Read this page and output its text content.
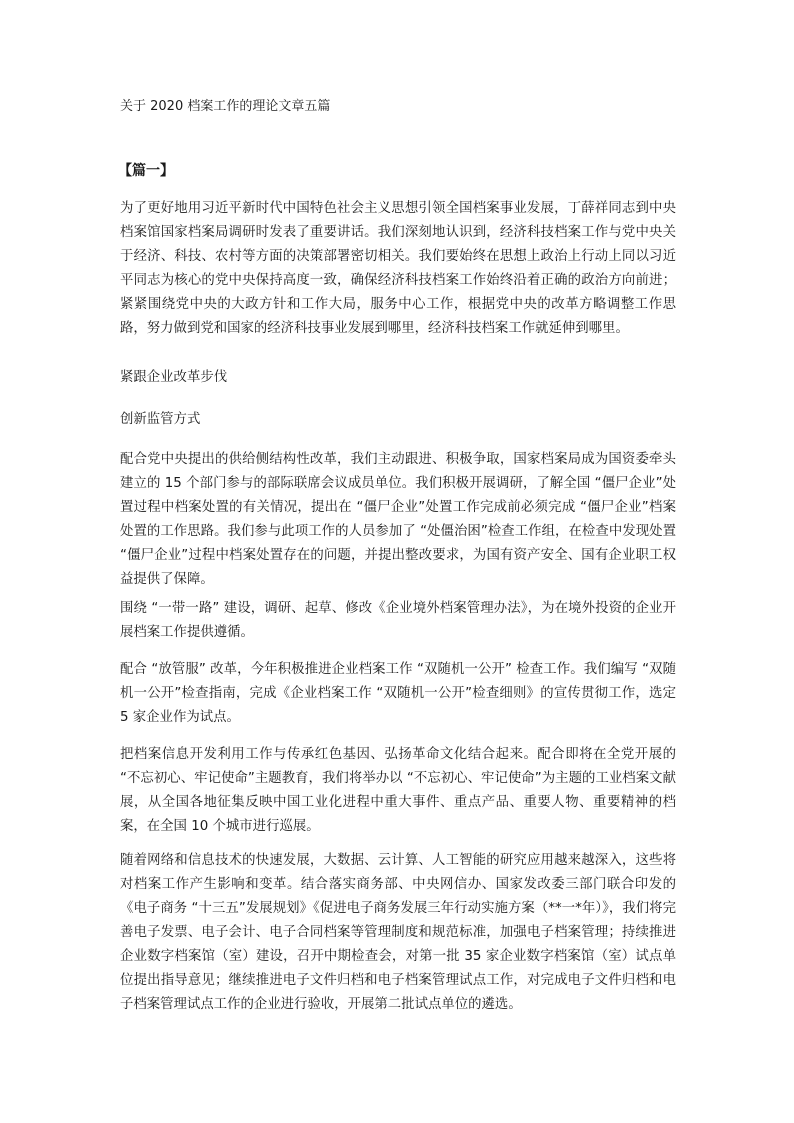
关于 2020 档案工作的理论文章五篇
【篇一】

为了更好地用习近平新时代中国特色社会主义思想引领全国档案事业发展，丁薛祥同志到中央档案馆国家档案局调研时发表了重要讲话。我们深刻地认识到，经济科技档案工作与党中央关于经济、科技、农村等方面的决策部署密切相关。我们要始终在思想上政治上行动上同以习近平同志为核心的党中央保持高度一致，确保经济科技档案工作始终沿着正确的政治方向前进；紧紧围绕党中央的大政方针和工作大局，服务中心工作，根据党中央的改革方略调整工作思路，努力做到党和国家的经济科技事业发展到哪里，经济科技档案工作就延伸到哪里。

紧跟企业改革步伐
创新监管方式

配合党中央提出的供给侧结构性改革，我们主动跟进、积极争取，国家档案局成为国资委牵头建立的 15 个部门参与的部际联席会议成员单位。我们积极开展调研，了解全国 “僵尸企业”处置过程中档案处置的有关情况，提出在 “僵尸企业”处置工作完成前必须完成 “僵尸企业”档案处置的工作思路。我们参与此项工作的人员参加了 “处僵治困”检查工作组，在检查中发现处置 “僵尸企业”过程中档案处置存在的问题，并提出整改要求，为国有资产安全、国有企业职工权益提供了保障。

围绕 “一带一路” 建设，调研、起草、修改《企业境外档案管理办法》，为在境外投资的企业开展档案工作提供遵循。

配合 “放管服” 改革，今年积极推进企业档案工作 “双随机一公开” 检查工作。我们编写 “双随机一公开”检查指南，完成《企业档案工作 “双随机一公开”检查细则》的宣传贯彻工作，选定 5 家企业作为试点。

把档案信息开发利用工作与传承红色基因、弘扬革命文化结合起来。配合即将在全党开展的 “不忘初心、牢记使命”主题教育，我们将举办以 “不忘初心、牢记使命”为主题的工业档案文献展，从全国各地征集反映中国工业化进程中重大事件、重点产品、重要人物、重要精神的档案，在全国 10 个城市进行巡展。

随着网络和信息技术的快速发展，大数据、云计算、人工智能的研究应用越来越深入，这些将对档案工作产生影响和变革。结合落实商务部、中央网信办、国家发改委三部门联合印发的《电子商务 “十三五”发展规划》《促进电子商务发展三年行动实施方案（**一*年）》，我们将完善电子发票、电子会计、电子合同档案等管理制度和规范标准，加强电子档案管理；持续推进企业数字档案馆（室）建设，召开中期检查会，对第一批 35 家企业数字档案馆（室）试点单位提出指导意见；继续推进电子文件归档和电子档案管理试点工作，对完成电子文件归档和电子档案管理试点工作的企业进行验收，开展第二批试点单位的遴选。
